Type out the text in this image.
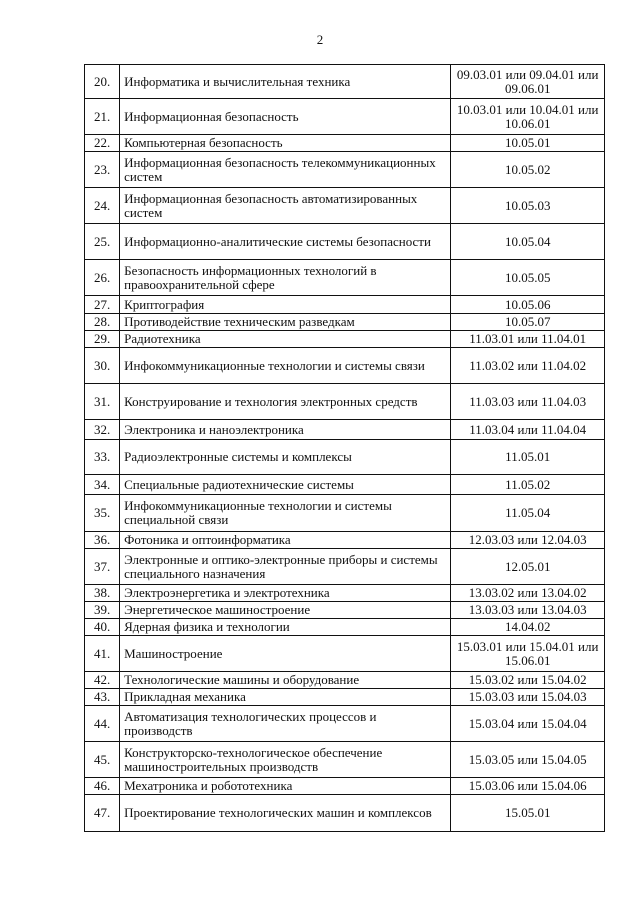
2
20.	Информатика и вычислительная техника	09.03.01 или 09.04.01 или 09.06.01
21.	Информационная безопасность	10.03.01 или 10.04.01 или 10.06.01
22.	Компьютерная безопасность	10.05.01
23.	Информационная безопасность телекоммуникационных систем	10.05.02
24.	Информационная безопасность автоматизированных систем	10.05.03
25.	Информационно-аналитические системы безопасности	10.05.04
26.	Безопасность информационных технологий в правоохранительной сфере	10.05.05
27.	Криптография	10.05.06
28.	Противодействие техническим разведкам	10.05.07
29.	Радиотехника	11.03.01 или 11.04.01
30.	Инфокоммуникационные технологии и системы связи	11.03.02 или 11.04.02
31.	Конструирование и технология электронных средств	11.03.03 или 11.04.03
32.	Электроника и наноэлектроника	11.03.04 или 11.04.04
33.	Радиоэлектронные системы и комплексы	11.05.01
34.	Специальные радиотехнические системы	11.05.02
35.	Инфокоммуникационные технологии и системы специальной связи	11.05.04
36.	Фотоника и оптоинформатика	12.03.03 или 12.04.03
37.	Электронные и оптико-электронные приборы и системы специального назначения	12.05.01
38.	Электроэнергетика и электротехника	13.03.02 или 13.04.02
39.	Энергетическое машиностроение	13.03.03 или 13.04.03
40.	Ядерная физика и технологии	14.04.02
41.	Машиностроение	15.03.01 или 15.04.01 или 15.06.01
42.	Технологические машины и оборудование	15.03.02 или 15.04.02
43.	Прикладная механика	15.03.03 или 15.04.03
44.	Автоматизация технологических процессов и производств	15.03.04 или 15.04.04
45.	Конструкторско-технологическое обеспечение машиностроительных производств	15.03.05 или 15.04.05
46.	Мехатроника и робототехника	15.03.06 или 15.04.06
47.	Проектирование технологических машин и комплексов	15.05.01
